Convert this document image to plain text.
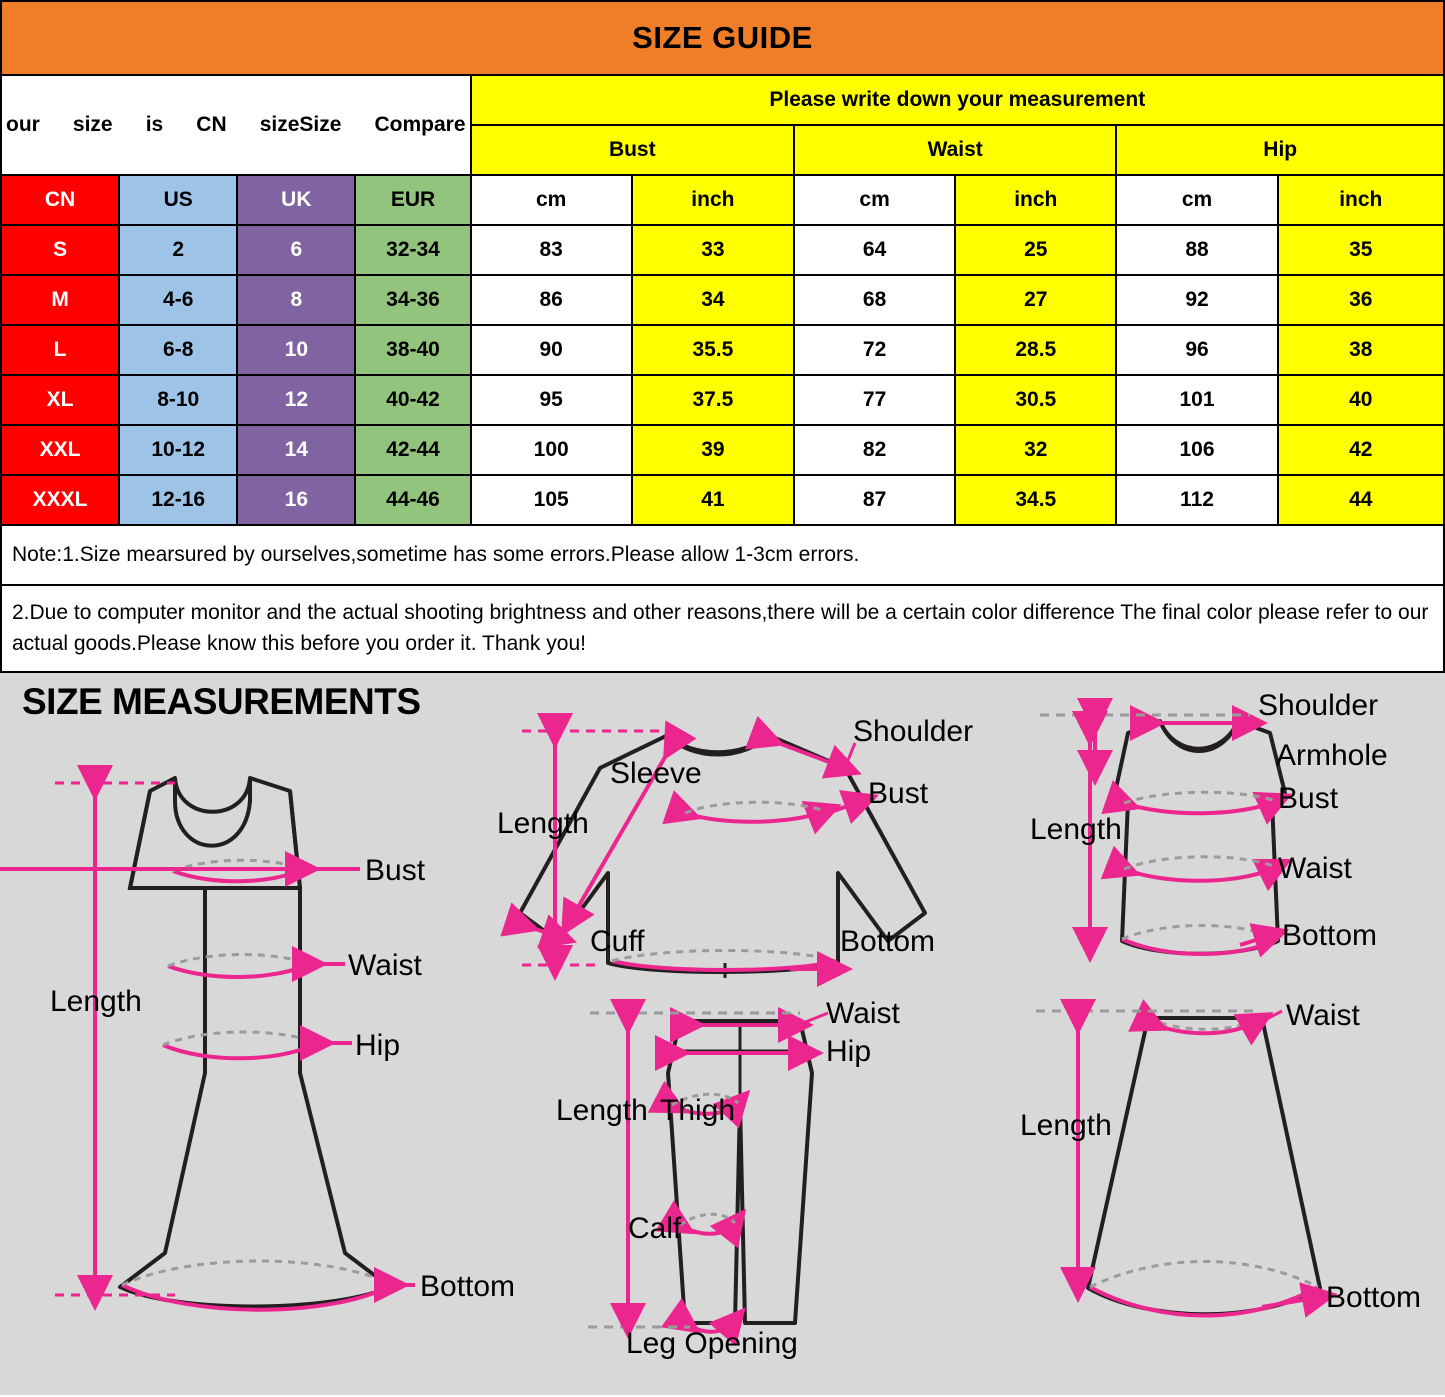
SIZE GUIDE
our size is CN sizeSize Compare
	Please write down your measurement
				Bust		Waist		Hip	
CN	US	UK	EUR	cm	inch	cm	inch	cm	inch
S	2	6	32-34	83	33	64	25	88	35
M	4-6	8	34-36	86	34	68	27	92	36
L	6-8	10	38-40	90	35.5	72	28.5	96	38
XL	8-10	12	40-42	95	37.5	77	30.5	101	40
XXL	10-12	14	42-44	100	39	82	32	106	42
XXXL	12-16	16	44-46	105	41	87	34.5	112	44
Note:1.Size mearsured by ourselves,sometime has some errors.Please allow 1-3cm errors.
2.Due to computer monitor and the actual shooting brightness and other reasons,there will be a certain color difference The final color please refer to our actual goods.Please know this before you order it. Thank you!
SIZE MEASUREMENTS
Length
Bust
Waist
Hip
Bottom
Sleeve
Length
Shoulder
Bust
Cuff	Bottom
Shoulder
Armhole
Bust
Length
Waist
Bottom
Waist
Hip
Length Thigh
Calf
Leg Opening
Waist
Length
Bottom
